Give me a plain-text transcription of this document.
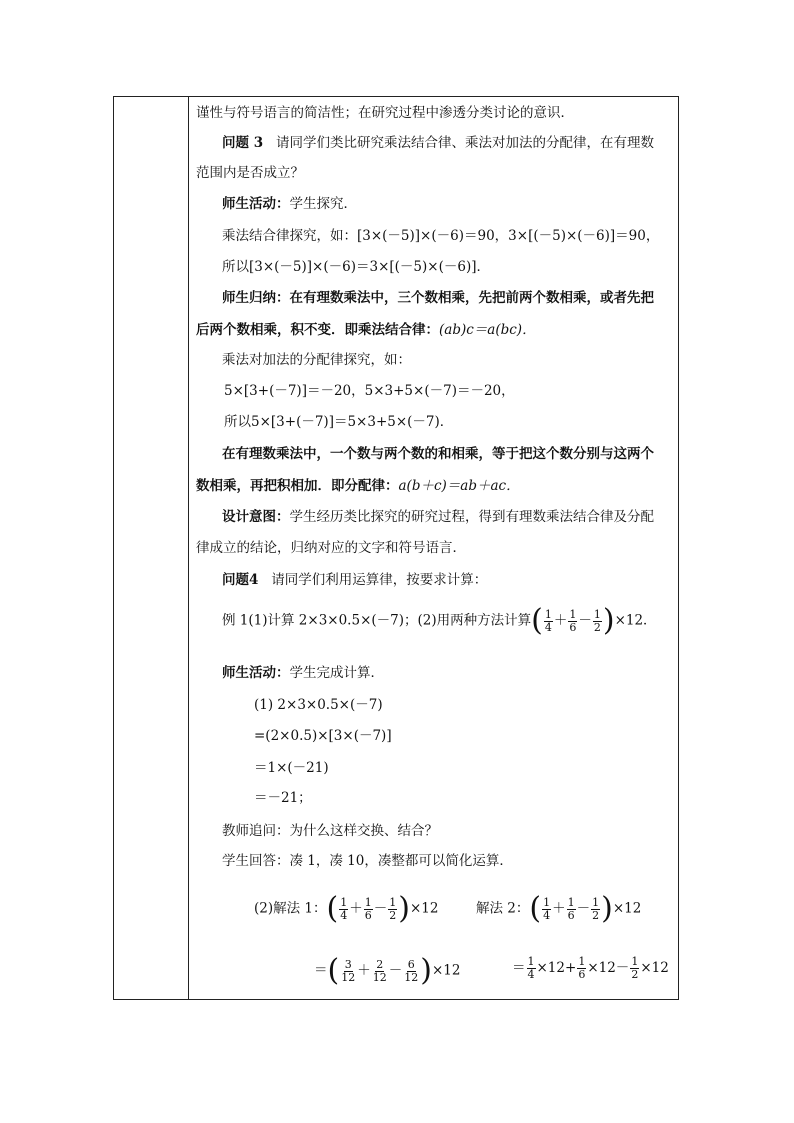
谨性与符号语言的简洁性；在研究过程中渗透分类讨论的意识．
问题 3 请同学们类比研究乘法结合律、乘法对加法的分配律，在有理数
范围内是否成立？
师生活动：学生探究．
乘法结合律探究，如：[3×(－5)]×(－6)＝90，3×[(－5)×(－6)]＝90，
所以[3×(－5)]×(－6)＝3×[(－5)×(－6)]．
师生归纳：在有理数乘法中，三个数相乘，先把前两个数相乘，或者先把
后两个数相乘，积不变．即乘法结合律：(ab)c＝a(bc)．
乘法对加法的分配律探究，如：
5×[3+(－7)]＝－20，5×3+5×(－7)＝－20，
所以5×[3+(－7)]＝5×3+5×(－7)．
在有理数乘法中，一个数与两个数的和相乘，等于把这个数分别与这两个
数相乘，再把积相加．即分配律：a(b＋c)＝ab＋ac．
设计意图：学生经历类比探究的研究过程，得到有理数乘法结合律及分配
律成立的结论，归纳对应的文字和符号语言．
问题4 请同学们利用运算律，按要求计算：
例 1(1)计算 2×3×0.5×(－7)；(2)用两种方法计算( $\frac{1}{4} + \frac{1}{6} - \frac{1}{2} )\times 12$．
师生活动：学生完成计算．
(1) 2×3×0.5×(－7)
=(2×0.5)×[3×(－7)]
＝1×(－21)
＝－21；
教师追问：为什么这样交换、结合？
学生回答：凑 1，凑 10，凑整都可以简化运算．
(2)解法 1：( $\frac{1}{4} + \frac{1}{6} - \frac{1}{2} )\times 12$	解法 2：( $\frac{1}{4} + \frac{1}{6} - \frac{1}{2} )\times 12$
＝( $\frac{3}{12} + \frac{2}{12} - \frac{6}{12} )\times 12$	＝ $\frac{1}{4} \times 12+ \frac{1}{6} \times 12- \frac{1}{2} \times 12$
